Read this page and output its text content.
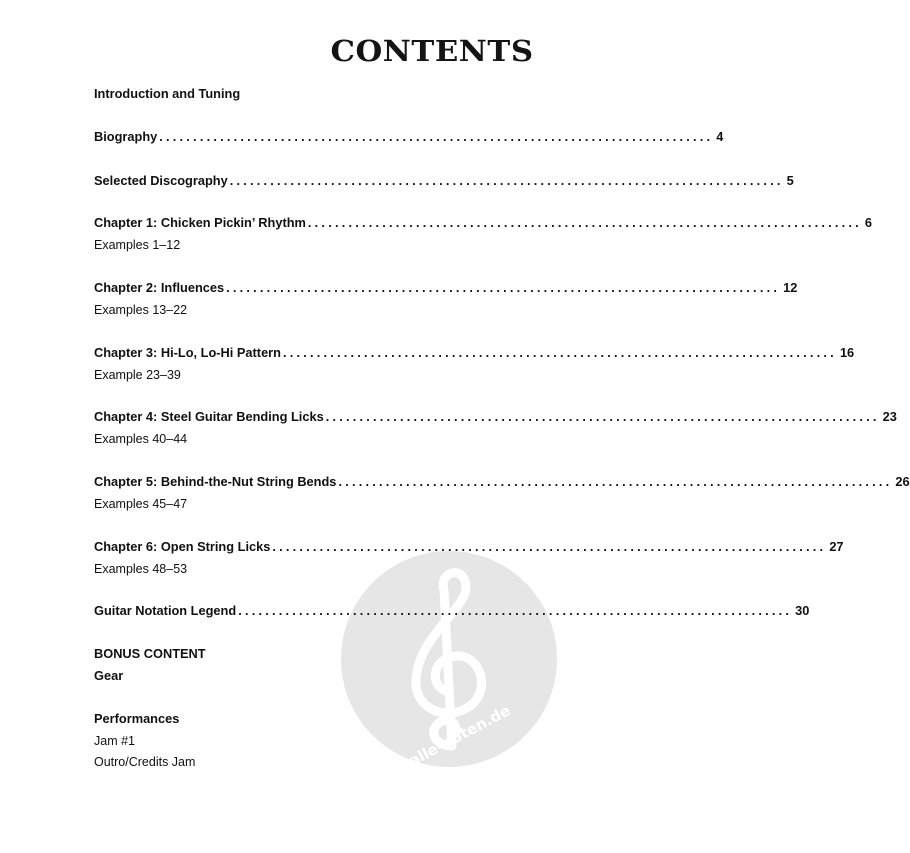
CONTENTS
alle-noten.de
Introduction and Tuning
Biography .................................................................................. 4
Selected Discography .................................................................................. 5
Chapter 1: Chicken Pickin’ Rhythm .................................................................................. 6
Examples 1–12
Chapter 2: Influences .................................................................................. 12
Examples 13–22
Chapter 3: Hi-Lo, Lo-Hi Pattern .................................................................................. 16
Example 23–39
Chapter 4: Steel Guitar Bending Licks .................................................................................. 23
Examples 40–44
Chapter 5: Behind-the-Nut String Bends .................................................................................. 26
Examples 45–47
Chapter 6: Open String Licks .................................................................................. 27
Examples 48–53
Guitar Notation Legend .................................................................................. 30
BONUS CONTENT
Gear
Performances
Jam #1
Outro/Credits Jam
